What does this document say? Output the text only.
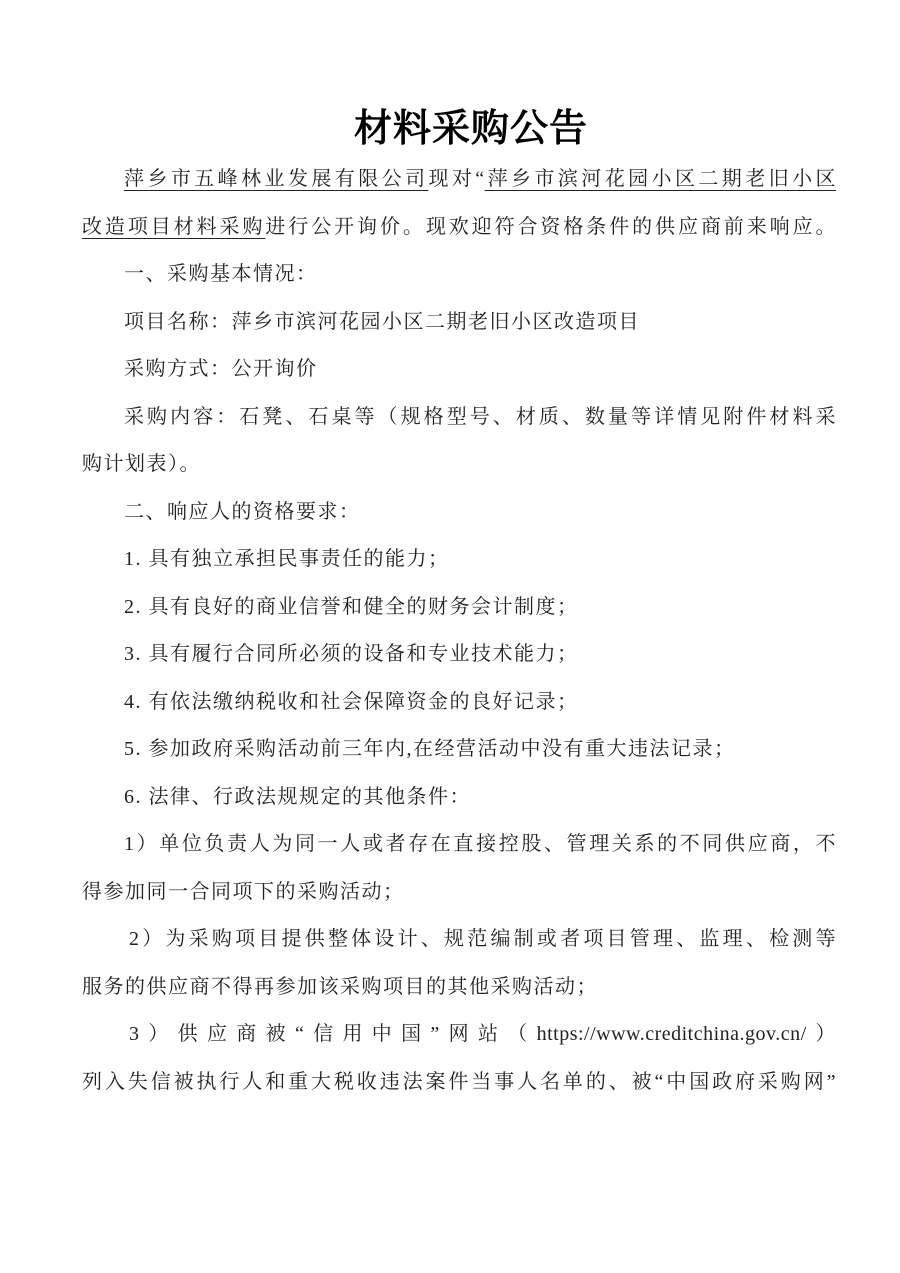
材料采购公告
萍乡市五峰林业发展有限公司现对“萍乡市滨河花园小区二期老旧小区
改造项目材料采购进行公开询价。现欢迎符合资格条件的供应商前来响应。
一、采购基本情况：
项目名称：萍乡市滨河花园小区二期老旧小区改造项目
采购方式：公开询价
采购内容：石凳、石桌等（规格型号、材质、数量等详情见附件材料采
购计划表）。
二、响应人的资格要求：
1. 具有独立承担民事责任的能力；
2. 具有良好的商业信誉和健全的财务会计制度；
3. 具有履行合同所必须的设备和专业技术能力；
4. 有依法缴纳税收和社会保障资金的良好记录；
5. 参加政府采购活动前三年内,在经营活动中没有重大违法记录；
6. 法律、行政法规规定的其他条件：
1）单位负责人为同一人或者存在直接控股、管理关系的不同供应商，不
得参加同一合同项下的采购活动；
2）为采购项目提供整体设计、规范编制或者项目管理、监理、检测等
服务的供应商不得再参加该采购项目的其他采购活动；
3）供应商被“信用中国”网站（https://www.creditchina.gov.cn/）
列入失信被执行人和重大税收违法案件当事人名单的、被“中国政府采购网”
